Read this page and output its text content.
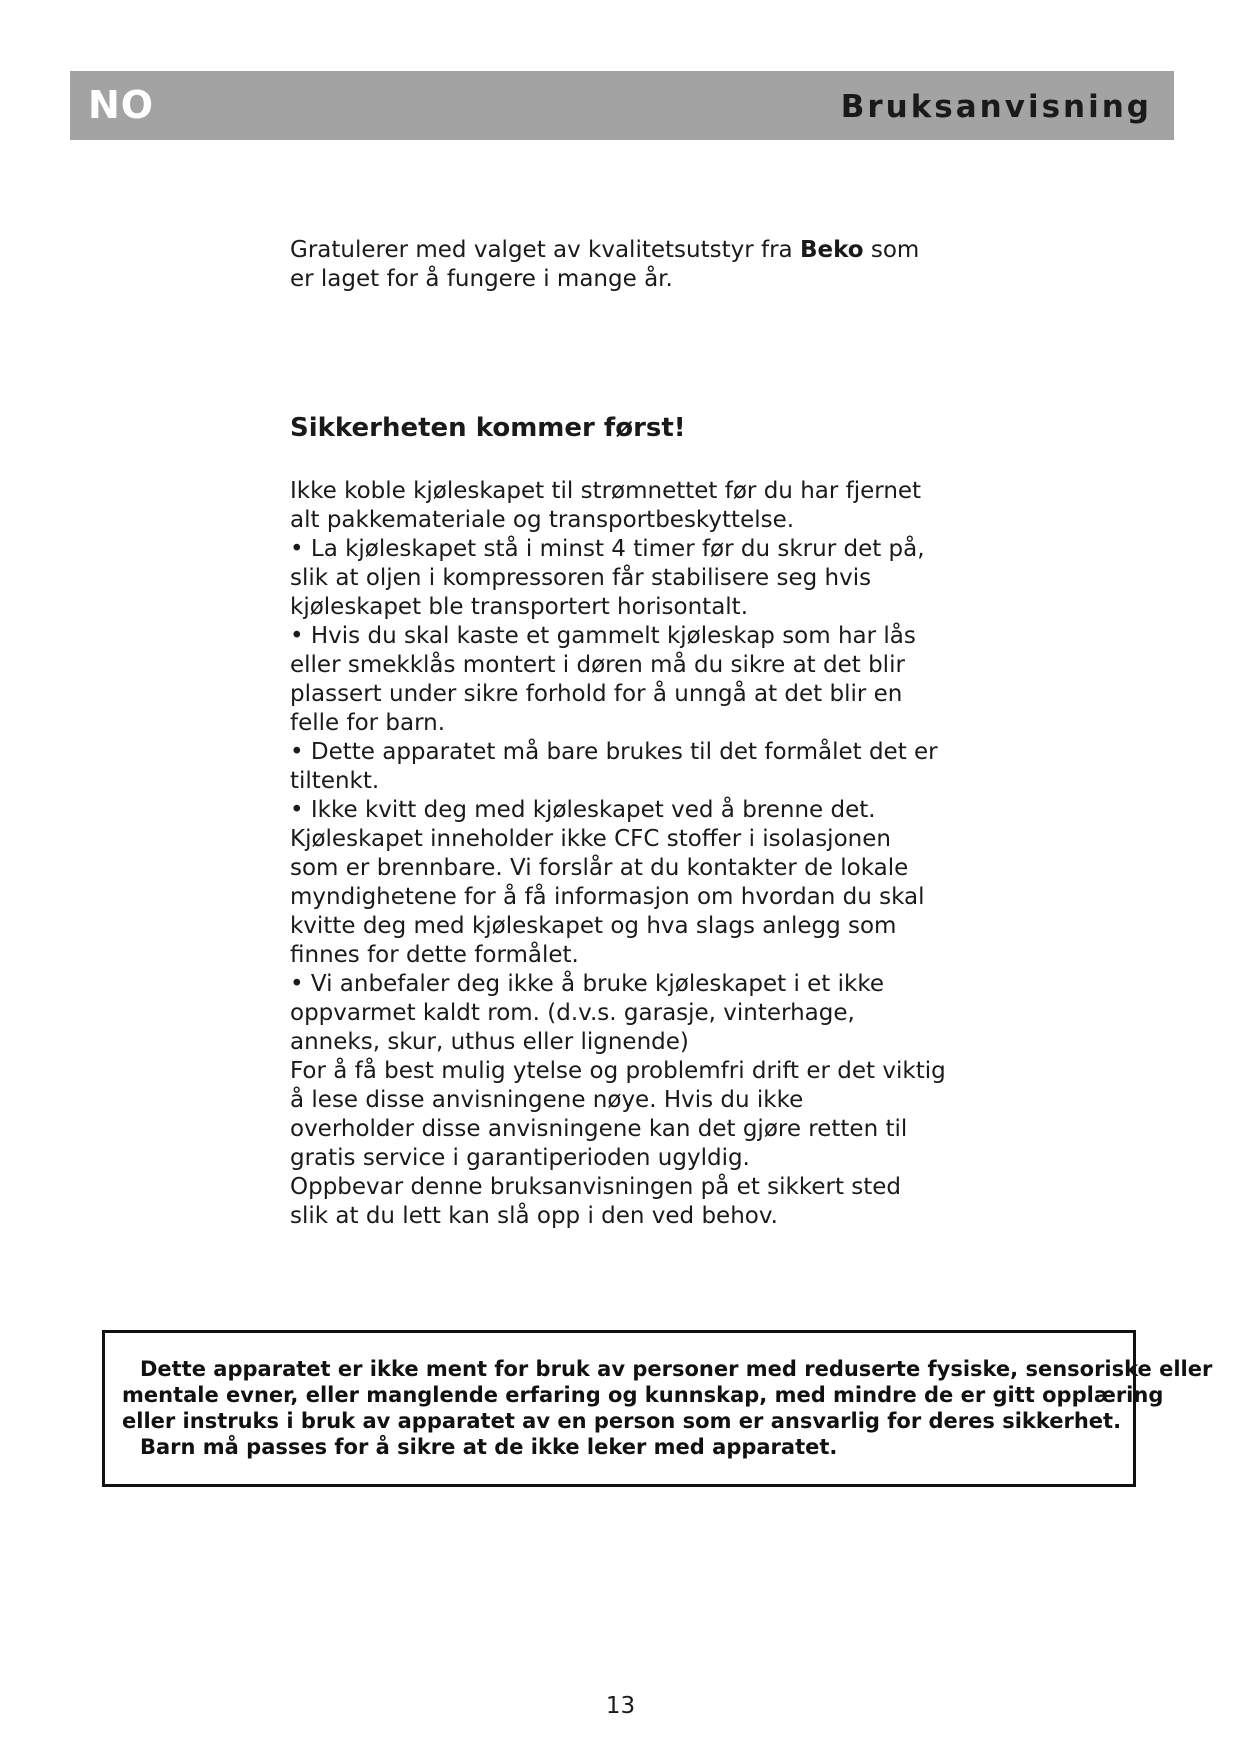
NO	Bruksanvisning

Gratulerer med valget av kvalitetsutstyr fra Beko som
er laget for å fungere i mange år.

Sikkerheten kommer først!

Ikke koble kjøleskapet til strømnettet før du har fjernet
alt pakkemateriale og transportbeskyttelse.
• La kjøleskapet stå i minst 4 timer før du skrur det på,
slik at oljen i kompressoren får stabilisere seg hvis
kjøleskapet ble transportert horisontalt.
• Hvis du skal kaste et gammelt kjøleskap som har lås
eller smekklås montert i døren må du sikre at det blir
plassert under sikre forhold for å unngå at det blir en
felle for barn.
• Dette apparatet må bare brukes til det formålet det er
tiltenkt.
• Ikke kvitt deg med kjøleskapet ved å brenne det.
Kjøleskapet inneholder ikke CFC stoffer i isolasjonen
som er brennbare. Vi forslår at du kontakter de lokale
myndighetene for å få informasjon om hvordan du skal
kvitte deg med kjøleskapet og hva slags anlegg som
finnes for dette formålet.
• Vi anbefaler deg ikke å bruke kjøleskapet i et ikke
oppvarmet kaldt rom. (d.v.s. garasje, vinterhage,
anneks, skur, uthus eller lignende)
For å få best mulig ytelse og problemfri drift er det viktig
å lese disse anvisningene nøye. Hvis du ikke
overholder disse anvisningene kan det gjøre retten til
gratis service i garantiperioden ugyldig.
Oppbevar denne bruksanvisningen på et sikkert sted
slik at du lett kan slå opp i den ved behov.

Dette apparatet er ikke ment for bruk av personer med reduserte fysiske, sensoriske eller
mentale evner, eller manglende erfaring og kunnskap, med mindre de er gitt opplæring
eller instruks i bruk av apparatet av en person som er ansvarlig for deres sikkerhet.
Barn må passes for å sikre at de ikke leker med apparatet.

13
